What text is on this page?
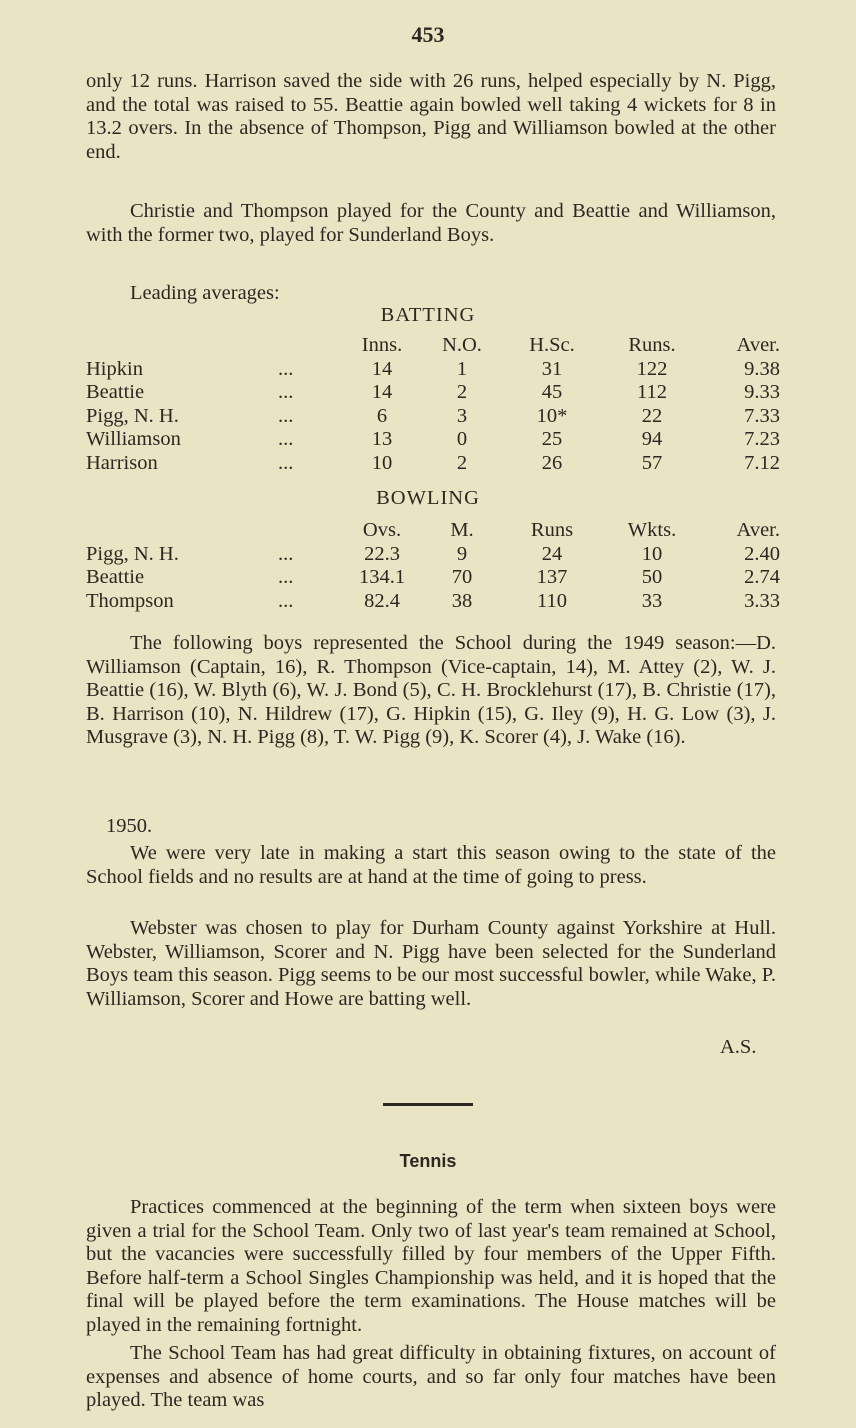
453

only 12 runs. Harrison saved the side with 26 runs, helped especially by N. Pigg, and the total was raised to 55. Beattie again bowled well taking 4 wickets for 8 in 13.2 overs. In the absence of Thompson, Pigg and Williamson bowled at the other end.

Christie and Thompson played for the County and Beattie and Williamson, with the former two, played for Sunderland Boys.

Leading averages:
BATTING
		Inns.	N.O.	H.Sc.	Runs.	Aver.
Hipkin	...	14	1	31	122	9.38
Beattie	...	14	2	45	112	9.33
Pigg, N. H.	...	6	3	10*	22	7.33
Williamson	...	13	0	25	94	7.23
Harrison	...	10	2	26	57	7.12
BOWLING
		Ovs.	M.	Runs	Wkts.	Aver.
Pigg, N. H.	...	22.3	9	24	10	2.40
Beattie	...	134.1	70	137	50	2.74
Thompson	...	82.4	38	110	33	3.33

The following boys represented the School during the 1949 season:—D. Williamson (Captain, 16), R. Thompson (Vice-captain, 14), M. Attey (2), W. J. Beattie (16), W. Blyth (6), W. J. Bond (5), C. H. Brocklehurst (17), B. Christie (17), B. Harrison (10), N. Hildrew (17), G. Hipkin (15), G. Iley (9), H. G. Low (3), J. Musgrave (3), N. H. Pigg (8), T. W. Pigg (9), K. Scorer (4), J. Wake (16).

1950.

We were very late in making a start this season owing to the state of the School fields and no results are at hand at the time of going to press.

Webster was chosen to play for Durham County against Yorkshire at Hull. Webster, Williamson, Scorer and N. Pigg have been selected for the Sunderland Boys team this season. Pigg seems to be our most successful bowler, while Wake, P. Williamson, Scorer and Howe are batting well.

A.S.
Tennis

Practices commenced at the beginning of the term when sixteen boys were given a trial for the School Team. Only two of last year's team remained at School, but the vacancies were successfully filled by four members of the Upper Fifth. Before half-term a School Singles Championship was held, and it is hoped that the final will be played before the term examinations. The House matches will be played in the remaining fortnight.

The School Team has had great difficulty in obtaining fixtures, on account of expenses and absence of home courts, and so far only four matches have been played. The team was
